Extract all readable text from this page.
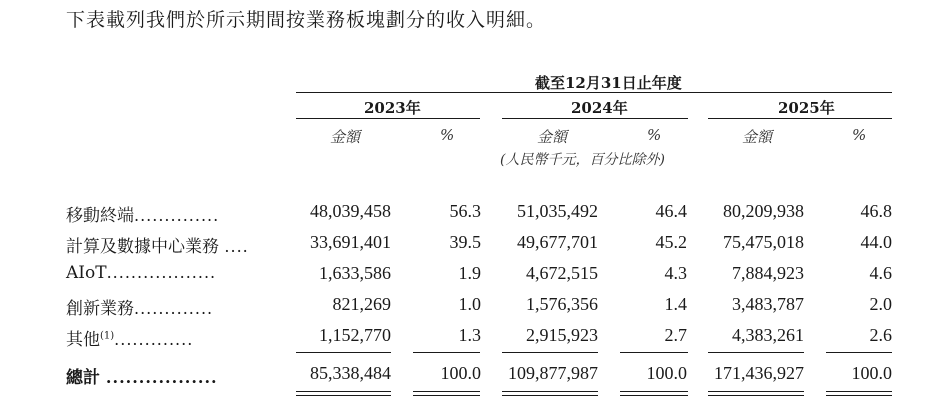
下表載列我們於所示期間按業務板塊劃分的收入明細。
截至12月31日止年度
2023年	2024年	2025年
金額	%	金額	%	金額	%
(人民幣千元，百分比除外)
移動終端..............	48,039,458	56.3 51,035,492	46.4 80,209,938	46.8
計算及數據中心業務 ....	33,691,401	39.5 49,677,701	45.2 75,475,018	44.0
AIoT..................	1,633,586	1.9	4,672,515	4.3	7,884,923	4.6
創新業務.............	821,269	1.0	1,576,356	1.4	3,483,787	2.0
其他$^{(1)}$.............	1,152,770	1.3	2,915,923	2.7	4,383,261	2.6
總計 .................	85,338,484	100.0 109,877,987	100.0 171,436,927	100.0
